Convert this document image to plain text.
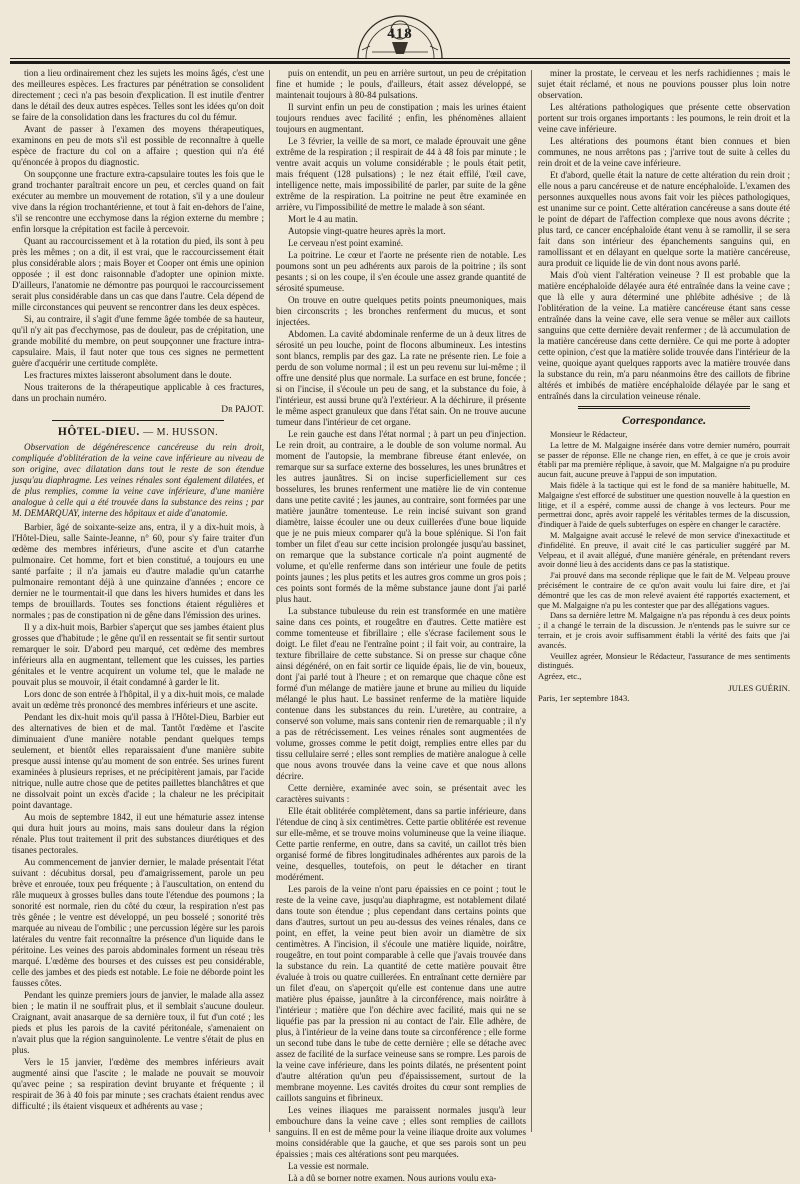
418

tion a lieu ordinairement chez les sujets les moins âgés, c'est une des meilleures espèces. Les fractures par pénétration se consolident directement ; ceci n'a pas besoin d'explication. Il est inutile d'entrer dans le détail des deux autres espèces. Telles sont les idées qu'on doit se faire de la consolidation dans les fractures du col du fémur.

Avant de passer à l'examen des moyens thérapeutiques, examinons en peu de mots s'il est possible de reconnaître à quelle espèce de fracture du col on a affaire ; question qui n'a été qu'énoncée à propos du diagnostic.

On soupçonne une fracture extra-capsulaire toutes les fois que le grand trochanter paraîtrait encore un peu, et cercles quand on fait exécuter au membre un mouvement de rotation, s'il y a une douleur vive dans la région trochantérienne, et tout à fait en-dehors de l'aine, s'il se rencontre une ecchymose dans la région externe du membre ; enfin lorsque la crépitation est facile à percevoir.

Quant au raccourcissement et à la rotation du pied, ils sont à peu près les mêmes ; on a dit, il est vrai, que le raccourcissement était plus considérable alors ; mais Boyer et Cooper ont émis une opinion opposée ; il est donc raisonnable d'adopter une opinion mixte. D'ailleurs, l'anatomie ne démontre pas pourquoi le raccourcissement serait plus considérable dans un cas que dans l'autre. Cela dépend de mille circonstances qui peuvent se rencontrer dans les deux espèces.

Si, au contraire, il s'agit d'une femme âgée tombée de sa hauteur, qu'il n'y ait pas d'ecchymose, pas de douleur, pas de crépitation, une grande mobilité du membre, on peut soupçonner une fracture intra-capsulaire. Mais, il faut noter que tous ces signes ne permettent guère d'acquérir une certitude complète.

Les fractures mixtes laisseront absolument dans le doute.

Nous traiterons de la thérapeutique applicable à ces fractures, dans un prochain numéro.

Dr PAJOT.
HÔTEL-DIEU. — M. HUSSON.

Observation de dégénérescence cancéreuse du rein droit, compliquée d'oblitération de la veine cave inférieure au niveau de son origine, avec dilatation dans tout le reste de son étendue jusqu'au diaphragme. Les veines rénales sont également dilatées, et de plus remplies, comme la veine cave inférieure, d'une manière analogue à celle qui a été trouvée dans la substance des reins ; par M. DEMARQUAY, interne des hôpitaux et aide d'anatomie.

Barbier, âgé de soixante-seize ans, entra, il y a dix-huit mois, à l'Hôtel-Dieu, salle Sainte-Jeanne, n° 60, pour s'y faire traiter d'un œdème des membres inférieurs, d'une ascite et d'un catarrhe pulmonaire. Cet homme, fort et bien constitué, a toujours eu une santé parfaite ; il n'a jamais eu d'autre maladie qu'un catarrhe pulmonaire remontant déjà à une quinzaine d'années ; encore ce dernier ne le tourmentait-il que dans les hivers humides et dans les temps de brouillards. Toutes ses fonctions étaient régulières et normales ; pas de constipation ni de gêne dans l'émission des urines.

Il y a dix-huit mois, Barbier s'aperçut que ses jambes étaient plus grosses que d'habitude ; le gêne qu'il en ressentait se fit sentir surtout remarquer le soir. D'abord peu marqué, cet œdème des membres inférieurs alla en augmentant, tellement que les cuisses, les parties génitales et le ventre acquirent un volume tel, que le malade ne pouvait plus se mouvoir, il était condamné à garder le lit.

Lors donc de son entrée à l'hôpital, il y a dix-huit mois, ce malade avait un œdème très prononcé des membres inférieurs et une ascite.

Pendant les dix-huit mois qu'il passa à l'Hôtel-Dieu, Barbier eut des alternatives de bien et de mal. Tantôt l'œdème et l'ascite diminuaient d'une manière notable pendant quelques temps seulement, et bientôt elles reparaissaient d'une manière subite presque aussi intense qu'au moment de son entrée. Ses urines furent examinées à plusieurs reprises, et ne précipitèrent jamais, par l'acide nitrique, nulle autre chose que de petites paillettes blanchâtres et que ne dissolvait point un excès d'acide ; la chaleur ne les précipitait point davantage.

Au mois de septembre 1842, il eut une hématurie assez intense qui dura huit jours au moins, mais sans douleur dans la région rénale. Plus tout traitement il prit des substances diurétiques et des tisanes pectorales.

Au commencement de janvier dernier, le malade présentait l'état suivant : décubitus dorsal, peu d'amaigrissement, parole un peu brève et enrouée, toux peu fréquente ; à l'auscultation, on entend du râle muqueux à grosses bulles dans toute l'étendue des poumons ; la sonorité est normale, rien du côté du cœur, la respiration n'est pas très gênée ; le ventre est développé, un peu bosselé ; sonorité très marquée au niveau de l'ombilic ; une percussion légère sur les parois latérales du ventre fait reconnaître la présence d'un liquide dans le péritoine. Les veines des parois abdominales forment un réseau très marqué. L'œdème des bourses et des cuisses est peu considérable, celle des jambes et des pieds est notable. Le foie ne déborde point les fausses côtes.

Pendant les quinze premiers jours de janvier, le malade alla assez bien ; le matin il ne souffrait plus, et il semblait s'aucune douleur. Craignant, avait anasarque de sa dernière toux, il fut d'un coté ; les pieds et plus les parois de la cavité péritonéale, s'amenaient on n'avait plus que la région sanguinolente. Le ventre s'était de plus en plus.

Vers le 15 janvier, l'œdème des membres inférieurs avait augmenté ainsi que l'ascite ; le malade ne pouvait se mouvoir qu'avec peine ; sa respiration devint bruyante et fréquente ; il respirait de 36 à 40 fois par minute ; ses crachats étaient rendus avec difficulté ; ils étaient visqueux et adhérents au vase ;

puis on entendit, un peu en arrière surtout, un peu de crépitation fine et humide ; le pouls, d'ailleurs, était assez développé, se maintenait toujours à 80-84 pulsations.

Il survint enfin un peu de constipation ; mais les urines étaient toujours rendues avec facilité ; enfin, les phénomènes allaient toujours en augmentant.

Le 3 février, la veille de sa mort, ce malade éprouvait une gêne extrême de la respiration ; il respirait de 44 à 48 fois par minute ; le ventre avait acquis un volume considérable ; le pouls était petit, mais fréquent (128 pulsations) ; le nez était effilé, l'œil cave, intelligence nette, mais impossibilité de parler, par suite de la gêne extrême de la respiration. La poitrine ne peut être examinée en arrière, vu l'impossibilité de mettre le malade à son séant.

Mort le 4 au matin.

Autopsie vingt-quatre heures après la mort.

Le cerveau n'est point examiné.

La poitrine. Le cœur et l'aorte ne présente rien de notable. Les poumons sont un peu adhérents aux parois de la poitrine ; ils sont pesants ; si on les coupe, il s'en écoule une assez grande quantité de sérosité spumeuse.

On trouve en outre quelques petits points pneumoniques, mais bien circonscrits ; les bronches renferment du mucus, et sont injectées.

Abdomen. La cavité abdominale renferme de un à deux litres de sérosité un peu louche, point de flocons albumineux. Les intestins sont blancs, remplis par des gaz. La rate ne présente rien. Le foie a perdu de son volume normal ; il est un peu revenu sur lui-même ; il offre une densité plus que normale. La surface en est brune, foncée ; si on l'incise, il s'écoule un peu de sang, et la substance du foie, à l'intérieur, est aussi brune qu'à l'extérieur. A la déchirure, il présente le même aspect granuleux que dans l'état sain. On ne trouve aucune tumeur dans l'intérieur de cet organe.

Le rein gauche est dans l'état normal ; à part un peu d'injection. Le rein droit, au contraire, a le double de son volume normal. Au moment de l'autopsie, la membrane fibreuse étant enlevée, on remarque sur sa surface externe des bosselures, les unes brunâtres et les autres jaunâtres. Si on incise superficiellement sur ces bosselures, les brunes renferment une matière lie de vin contenue dans une petite cavité ; les jaunes, au contraire, sont formées par une matière jaunâtre tomenteuse. Le rein incisé suivant son grand diamètre, laisse écouler une ou deux cuillerées d'une boue liquide que je ne puis mieux comparer qu'à la boue splénique. Si l'on fait tomber un filet d'eau sur cette incision prolongée jusqu'au bassinet, on remarque que la substance corticale n'a point augmenté de volume, et qu'elle renferme dans son intérieur une foule de petits points jaunes ; les plus petits et les autres gros comme un gros pois ; ces points sont formés de la même substance jaune dont j'ai parlé plus haut.

La substance tubuleuse du rein est transformée en une matière saine dans ces points, et rougeâtre en d'autres. Cette matière est comme tomenteuse et fibrillaire ; elle s'écrase facilement sous le doigt. Le filet d'eau ne l'entraîne point ; il fait voir, au contraire, la texture fibrillaire de cette substance. Si on presse sur chaque cône ainsi dégénéré, on en fait sortir ce liquide épais, lie de vin, boueux, dont j'ai parlé tout à l'heure ; et on remarque que chaque cône est formé d'un mélange de matière jaune et brune au milieu du liquide mélangé le plus haut. Le bassinet renferme de la matière liquide contenue dans les substances du rein. L'uretère, au contraire, a conservé son volume, mais sans contenir rien de remarquable ; il n'y a pas de rétrécissement. Les veines rénales sont augmentées de volume, grosses comme le petit doigt, remplies entre elles par du tissu cellulaire serré ; elles sont remplies de matière analogue à celle que nous avons trouvée dans la veine cave et que nous allons décrire.

Cette dernière, examinée avec soin, se présentait avec les caractères suivants :

Elle était oblitérée complètement, dans sa partie inférieure, dans l'étendue de cinq à six centimètres. Cette partie oblitérée est revenue sur elle-même, et se trouve moins volumineuse que la veine iliaque. Cette partie renferme, en outre, dans sa cavité, un caillot très bien organisé formé de fibres longitudinales adhérentes aux parois de la veine, desquelles, toutefois, on peut le détacher en tirant modérément.

Les parois de la veine n'ont paru épaissies en ce point ; tout le reste de la veine cave, jusqu'au diaphragme, est notablement dilaté dans toute son étendue ; plus cependant dans certains points que dans d'autres, surtout un peu au-dessus des veines rénales, dans ce point, en effet, la veine peut bien avoir un diamètre de six centimètres. A l'incision, il s'écoule une matière liquide, noirâtre, rougeâtre, en tout point comparable à celle que j'avais trouvée dans la substance du rein. La quantité de cette matière pouvait être évaluée à trois ou quatre cuillerées. En entraînant cette dernière par un filet d'eau, on s'aperçoit qu'elle est contenue dans une autre matière plus épaisse, jaunâtre à la circonférence, mais noirâtre à l'intérieur ; matière que l'on déchire avec facilité, mais qui ne se liquéfie pas par la pression ni au contact de l'air. Elle adhère, de plus, à l'intérieur de la veine dans toute sa circonférence ; elle forme un second tube dans le tube de cette dernière ; elle se détache avec assez de facilité de la surface veineuse sans se rompre. Les parois de la veine cave inférieure, dans les points dilatés, ne présentent point d'autre altération qu'un peu d'épaississement, surtout de la membrane moyenne. Les cavités droites du cœur sont remplies de caillots sanguins et fibrineux.

Les veines iliaques me paraissent normales jusqu'à leur embouchure dans la veine cave ; elles sont remplies de caillots sanguins. Il en est de même pour la veine iliaque droite aux volumes moins considérable que la gauche, et que ses parois sont un peu épaissies ; mais ces altérations sont peu marquées.

La vessie est normale.

Là a dû se borner notre examen. Nous aurions voulu exa-

miner la prostate, le cerveau et les nerfs rachidiennes ; mais le sujet était réclamé, et nous ne pouvions pousser plus loin notre observation.

Les altérations pathologiques que présente cette observation portent sur trois organes importants : les poumons, le rein droit et la veine cave inférieure.

Les altérations des poumons étant bien connues et bien communes, ne nous arrêtons pas ; j'arrive tout de suite à celles du rein droit et de la veine cave inférieure.

Et d'abord, quelle était la nature de cette altération du rein droit ; elle nous a paru cancéreuse et de nature encéphaloïde. L'examen des personnes auxquelles nous avons fait voir les pièces pathologiques, est unanime sur ce point. Cette altération cancéreuse a sans doute été le point de départ de l'affection complexe que nous avons décrite ; plus tard, ce cancer encéphaloïde étant venu à se ramollir, il se sera fait dans son intérieur des épanchements sanguins qui, en ramollissant et en délayant en quelque sorte la matière cancéreuse, aura produit ce liquide lie de vin dont nous avons parlé.

Mais d'où vient l'altération veineuse ? Il est probable que la matière encéphaloïde délayée aura été entraînée dans la veine cave ; que là elle y aura déterminé une phlébite adhésive ; de là l'oblitération de la veine. La matière cancéreuse étant sans cesse entraînée dans la veine cave, elle sera venue se mêler aux caillots sanguins que cette dernière devait renfermer ; de là accumulation de la matière cancéreuse dans cette dernière. Ce qui me porte à adopter cette opinion, c'est que la matière solide trouvée dans l'intérieur de la veine, quoique ayant quelques rapports avec la matière trouvée dans la substance du rein, m'a paru néanmoins être des caillots de fibrine altérés et imbibés de matière encéphaloïde délayée par le sang et entraînés dans la circulation veineuse rénale.

Correspondance.

Monsieur le Rédacteur,

La lettre de M. Malgaigne insérée dans votre dernier numéro, pourrait se passer de réponse. Elle ne change rien, en effet, à ce que je crois avoir établi par ma première réplique, à savoir, que M. Malgaigne n'a pu produire aucun fait, aucune preuve à l'appui de son imputation.

Mais fidèle à la tactique qui est le fond de sa manière habituelle, M. Malgaigne s'est efforcé de substituer une question nouvelle à la question en litige, et il a espéré, comme aussi de change à vos lecteurs. Pour me permettrai donc, après avoir rappelé les véritables termes de la discussion, d'indiquer à l'aide de quels subterfuges on espère en changer le caractère.

M. Malgaigne avait accusé le relevé de mon service d'inexactitude et d'infidélité. En preuve, il avait cité le cas particulier suggéré par M. Velpeau, et il avait allégué, d'une manière générale, en prétendant revers avoir donné lieu à des accidents dans ce pas la statistique.

J'ai prouvé dans ma seconde réplique que le fait de M. Velpeau prouve précisément le contraire de ce qu'on avait voulu lui faire dire, et j'ai démontré que les cas de mon relevé avaient été rapportés exactement, et que M. Malgaigne n'a pu les contester que par des allégations vagues.

Dans sa dernière lettre M. Malgaigne n'a pas répondu à ces deux points ; il a changé le terrain de la discussion. Je n'entends pas le suivre sur ce terrain, et je crois avoir suffisamment établi la vérité des faits que j'ai avancés.

Veuillez agréer, Monsieur le Rédacteur, l'assurance de mes sentiments distingués.

Agréez, etc.,

JULES GUÉRIN.

Paris, 1er septembre 1843.
